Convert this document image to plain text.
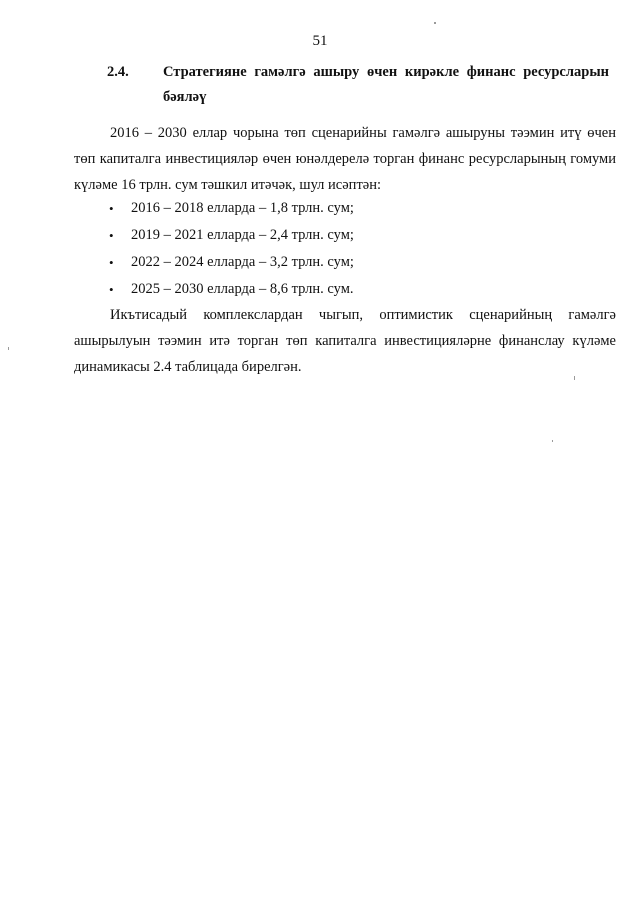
51
2.4. Стратегияне гамәлгә ашыру өчен кирәкле финанс ресурсларын бәяләү
2016 – 2030 еллар чорына төп сценарийны гамәлгә ашыруны тәэмин итү өчен төп капиталга инвестицияләр өчен юнәлдерелә торган финанс ресурсларының гомуми күләме 16 трлн. сум тәшкил итәчәк, шул исәптән:
• 2016 – 2018 елларда – 1,8 трлн. сум;
• 2019 – 2021 елларда – 2,4 трлн. сум;
• 2022 – 2024 елларда – 3,2 трлн. сум;
• 2025 – 2030 елларда – 8,6 трлн. сум.
Икътисадый комплекслардан чыгып, оптимистик сценарийның гамәлгә ашырылуын тәэмин итә торган төп капиталга инвестицияләрне финанслау күләме динамикасы 2.4 таблицада бирелгән.
